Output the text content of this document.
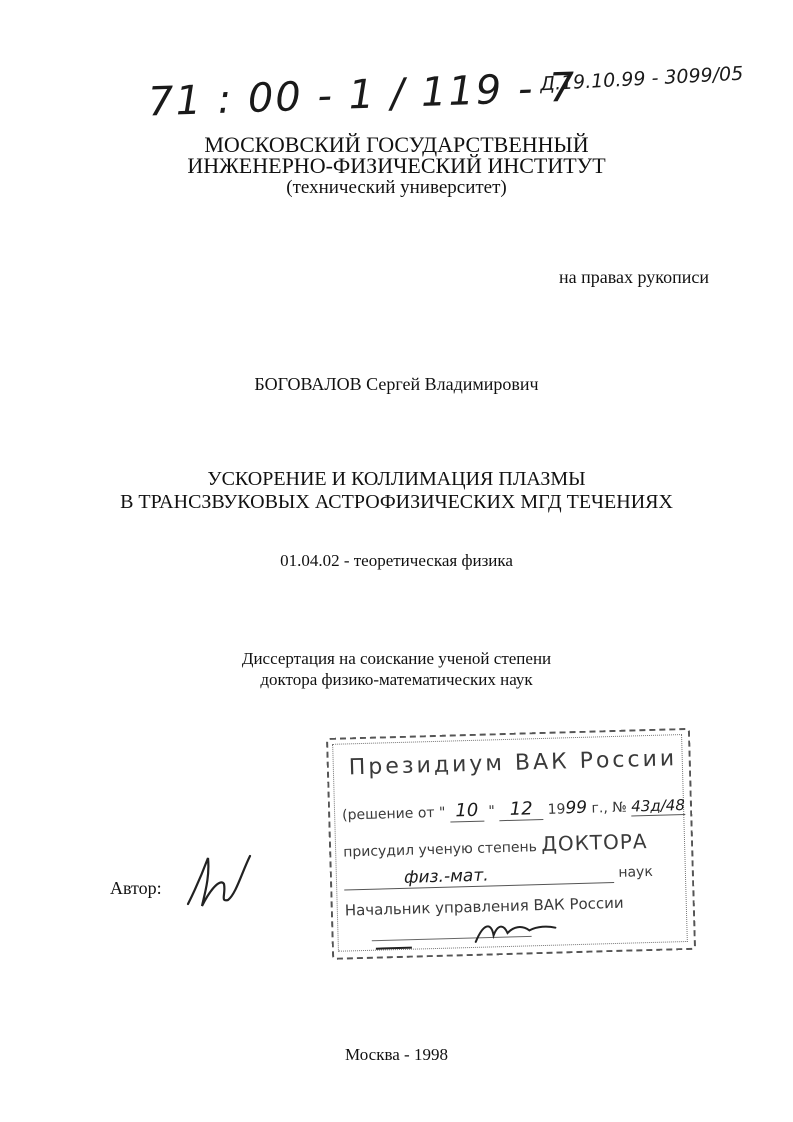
71 : 00 - 1 / 119 - 7
Д.19.10.99 - 3099/05
МОСКОВСКИЙ ГОСУДАРСТВЕННЫЙ
ИНЖЕНЕРНО-ФИЗИЧЕСКИЙ ИНСТИТУТ
(технический университет)
на правах рукописи
БОГОВАЛОВ Сергей Владимирович
УСКОРЕНИЕ И КОЛЛИМАЦИЯ ПЛАЗМЫ
В ТРАНСЗВУКОВЫХ АСТРОФИЗИЧЕСКИХ МГД ТЕЧЕНИЯХ
01.04.02 - теоретическая физика
Диссертация на соискание ученой степени
доктора физико-математических наук
Автор:
Президиум ВАК России
(решение от " 10 " 12 1999 г., № 43д/48
присудил ученую степень ДОКТОРА
физ.-мат.	наук
Начальник управления ВАК России
Москва - 1998
